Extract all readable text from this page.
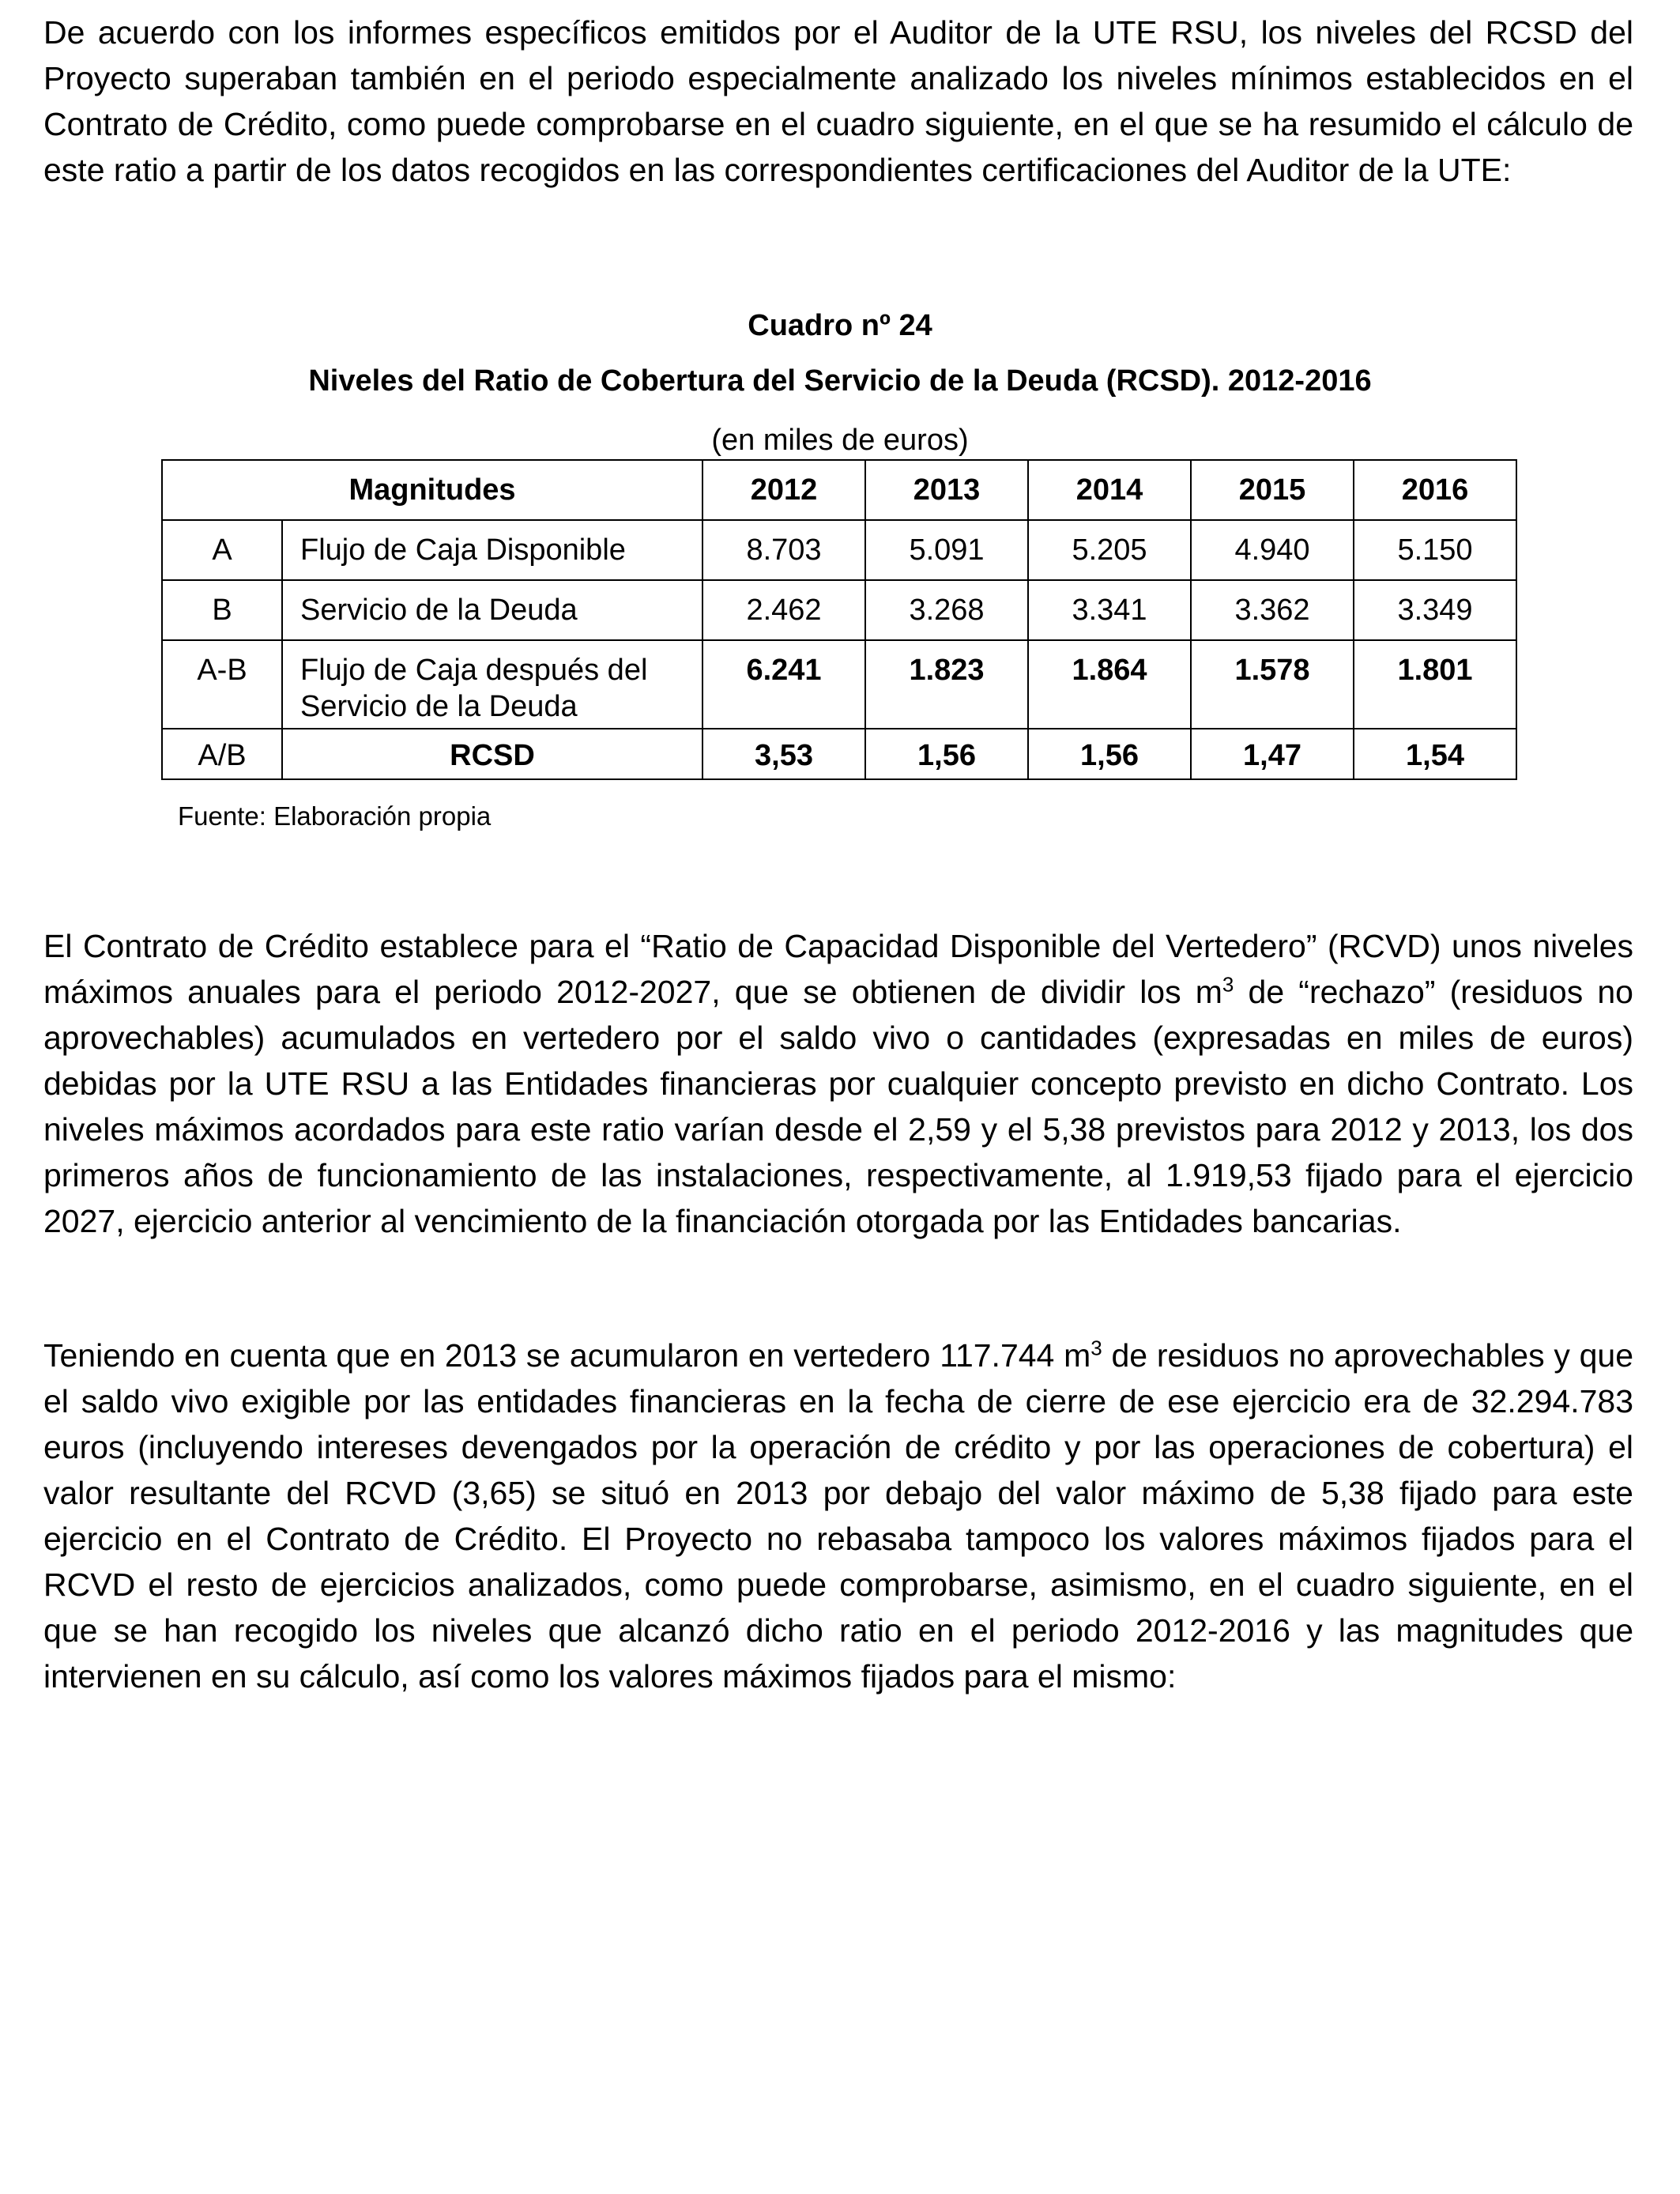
De acuerdo con los informes específicos emitidos por el Auditor de la UTE RSU, los niveles del RCSD del Proyecto superaban también en el periodo especialmente analizado los niveles mínimos establecidos en el Contrato de Crédito, como puede comprobarse en el cuadro siguiente, en el que se ha resumido el cálculo de este ratio a partir de los datos recogidos en las correspondientes certificaciones del Auditor de la UTE:

Cuadro nº 24

Niveles del Ratio de Cobertura del Servicio de la Deuda (RCSD). 2012-2016

(en miles de euros)

Magnitudes		2012	2013	2014	2015	2016
A	Flujo de Caja Disponible	8.703	5.091	5.205	4.940	5.150
B	Servicio de la Deuda	2.462	3.268	3.341	3.362	3.349
A-B	Flujo de Caja después del Servicio de la Deuda	6.241	1.823	1.864	1.578	1.801
A/B	RCSD	3,53	1,56	1,56	1,47	1,54

Fuente: Elaboración propia

El Contrato de Crédito establece para el “Ratio de Capacidad Disponible del Vertedero” (RCVD) unos niveles máximos anuales para el periodo 2012-2027, que se obtienen de dividir los $m^3$ de “rechazo” (residuos no aprovechables) acumulados en vertedero por el saldo vivo o cantidades (expresadas en miles de euros) debidas por la UTE RSU a las Entidades financieras por cualquier concepto previsto en dicho Contrato. Los niveles máximos acordados para este ratio varían desde el 2,59 y el 5,38 previstos para 2012 y 2013, los dos primeros años de funcionamiento de las instalaciones, respectivamente, al 1.919,53 fijado para el ejercicio 2027, ejercicio anterior al vencimiento de la financiación otorgada por las Entidades bancarias.

Teniendo en cuenta que en 2013 se acumularon en vertedero 117.744 $m^3$ de residuos no aprovechables y que el saldo vivo exigible por las entidades financieras en la fecha de cierre de ese ejercicio era de 32.294.783 euros (incluyendo intereses devengados por la operación de crédito y por las operaciones de cobertura) el valor resultante del RCVD (3,65) se situó en 2013 por debajo del valor máximo de 5,38 fijado para este ejercicio en el Contrato de Crédito. El Proyecto no rebasaba tampoco los valores máximos fijados para el RCVD el resto de ejercicios analizados, como puede comprobarse, asimismo, en el cuadro siguiente, en el que se han recogido los niveles que alcanzó dicho ratio en el periodo 2012-2016 y las magnitudes que intervienen en su cálculo, así como los valores máximos fijados para el mismo:
